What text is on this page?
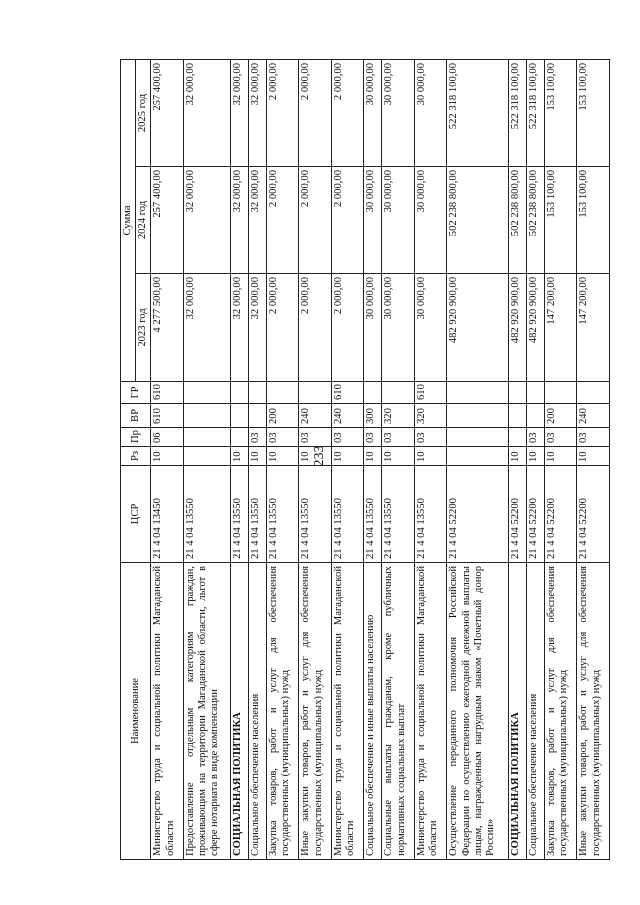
233
Наименование	ЦСР	Рз	Пр	ВР	ГР	Сумма		
						2023 год	2024 год	2025 год
Министерство труда и социальной политики Магаданской области	21 4 04 13450	10	06	610	610	4 277 500,00	257 400,00	257 400,00
Предоставление отдельным категориям граждан, проживающим на территории Магаданской области, льгот в сфере нотариата в виде компенсации	21 4 04 13550					32 000,00	32 000,00	32 000,00
СОЦИАЛЬНАЯ ПОЛИТИКА	21 4 04 13550	10				32 000,00	32 000,00	32 000,00
Социальное обеспечение населения	21 4 04 13550	10	03			32 000,00	32 000,00	32 000,00
Закупка товаров, работ и услуг для обеспечения государственных (муниципальных) нужд	21 4 04 13550	10	03	200		2 000,00	2 000,00	2 000,00
Иные закупки товаров, работ и услуг для обеспечения государственных (муниципальных) нужд	21 4 04 13550	10	03	240		2 000,00	2 000,00	2 000,00
Министерство труда и социальной политики Магаданской области	21 4 04 13550	10	03	240	610	2 000,00	2 000,00	2 000,00
Социальное обеспечение и иные выплаты населению	21 4 04 13550	10	03	300		30 000,00	30 000,00	30 000,00
Социальные выплаты гражданам, кроме публичных нормативных социальных выплат	21 4 04 13550	10	03	320		30 000,00	30 000,00	30 000,00
Министерство труда и социальной политики Магаданской области	21 4 04 13550	10	03	320	610	30 000,00	30 000,00	30 000,00
Осуществление переданного полномочия Российской Федерации по осуществлению ежегодной денежной выплаты лицам, награжденным нагрудным знаком «Почетный донор России»	21 4 04 52200					482 920 900,00	502 238 800,00	522 318 100,00
СОЦИАЛЬНАЯ ПОЛИТИКА	21 4 04 52200	10				482 920 900,00	502 238 800,00	522 318 100,00
Социальное обеспечение населения	21 4 04 52200	10	03			482 920 900,00	502 238 800,00	522 318 100,00
Закупка товаров, работ и услуг для обеспечения государственных (муниципальных) нужд	21 4 04 52200	10	03	200		147 200,00	153 100,00	153 100,00
Иные закупки товаров, работ и услуг для обеспечения государственных (муниципальных) нужд	21 4 04 52200	10	03	240		147 200,00	153 100,00	153 100,00
